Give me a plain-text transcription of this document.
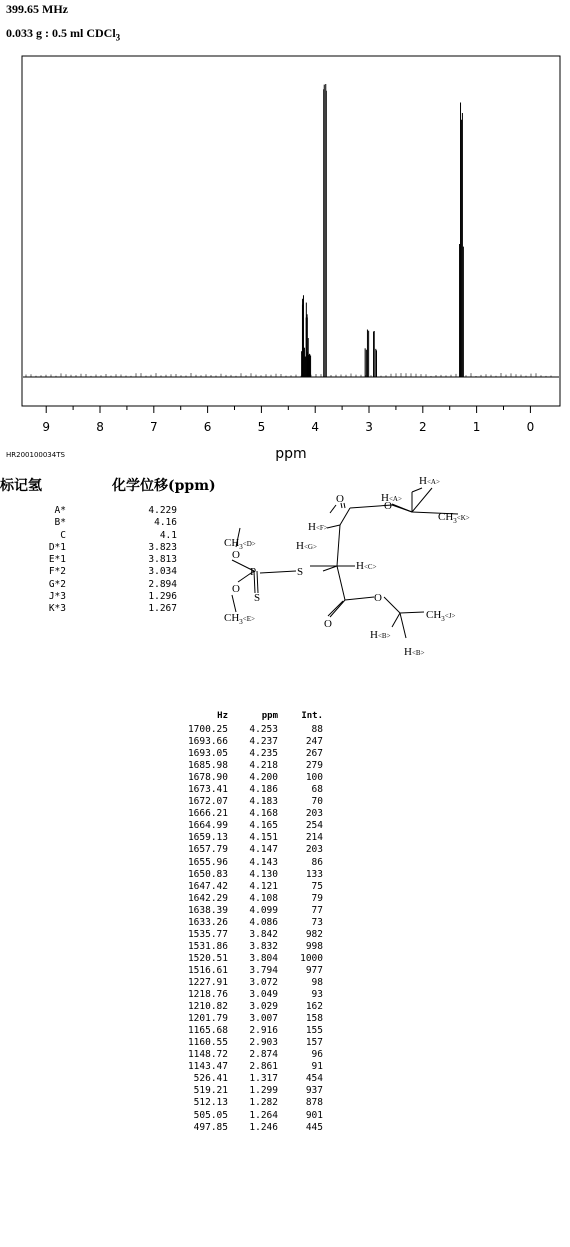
399.65 MHz
0.033 g : 0.5 ml CDCl$_3$
9	8	7	6	5	4	3	2	1	0
ppm
HR200100034TS
标记氢	化学位移(ppm)
A*	4.229
B*	4.16
C	4.1
D*1	3.823
E*1	3.813
F*2	3.034
G*2	2.894
J*3	1.296
K*3	1.267
H<A>
H<A>
$CH_3^{<K>}$
O
O
H<F>
H<G>
H<C>
$CH_3^{<D>}$
O
P	S
O
S	O
$CH_3^{<E>}$	O
$CH_3^{<J>}$
H<B>
H<B>
Hz	ppm	Int.
1700.25	4.253	88
1693.66	4.237	247
1693.05	4.235	267
1685.98	4.218	279
1678.90	4.200	100
1673.41	4.186	68
1672.07	4.183	70
1666.21	4.168	203
1664.99	4.165	254
1659.13	4.151	214
1657.79	4.147	203
1655.96	4.143	86
1650.83	4.130	133
1647.42	4.121	75
1642.29	4.108	79
1638.39	4.099	77
1633.26	4.086	73
1535.77	3.842	982
1531.86	3.832	998
1520.51	3.804	1000
1516.61	3.794	977
1227.91	3.072	98
1218.76	3.049	93
1210.82	3.029	162
1201.79	3.007	158
1165.68	2.916	155
1160.55	2.903	157
1148.72	2.874	96
1143.47	2.861	91
526.41	1.317	454
519.21	1.299	937
512.13	1.282	878
505.05	1.264	901
497.85	1.246	445
